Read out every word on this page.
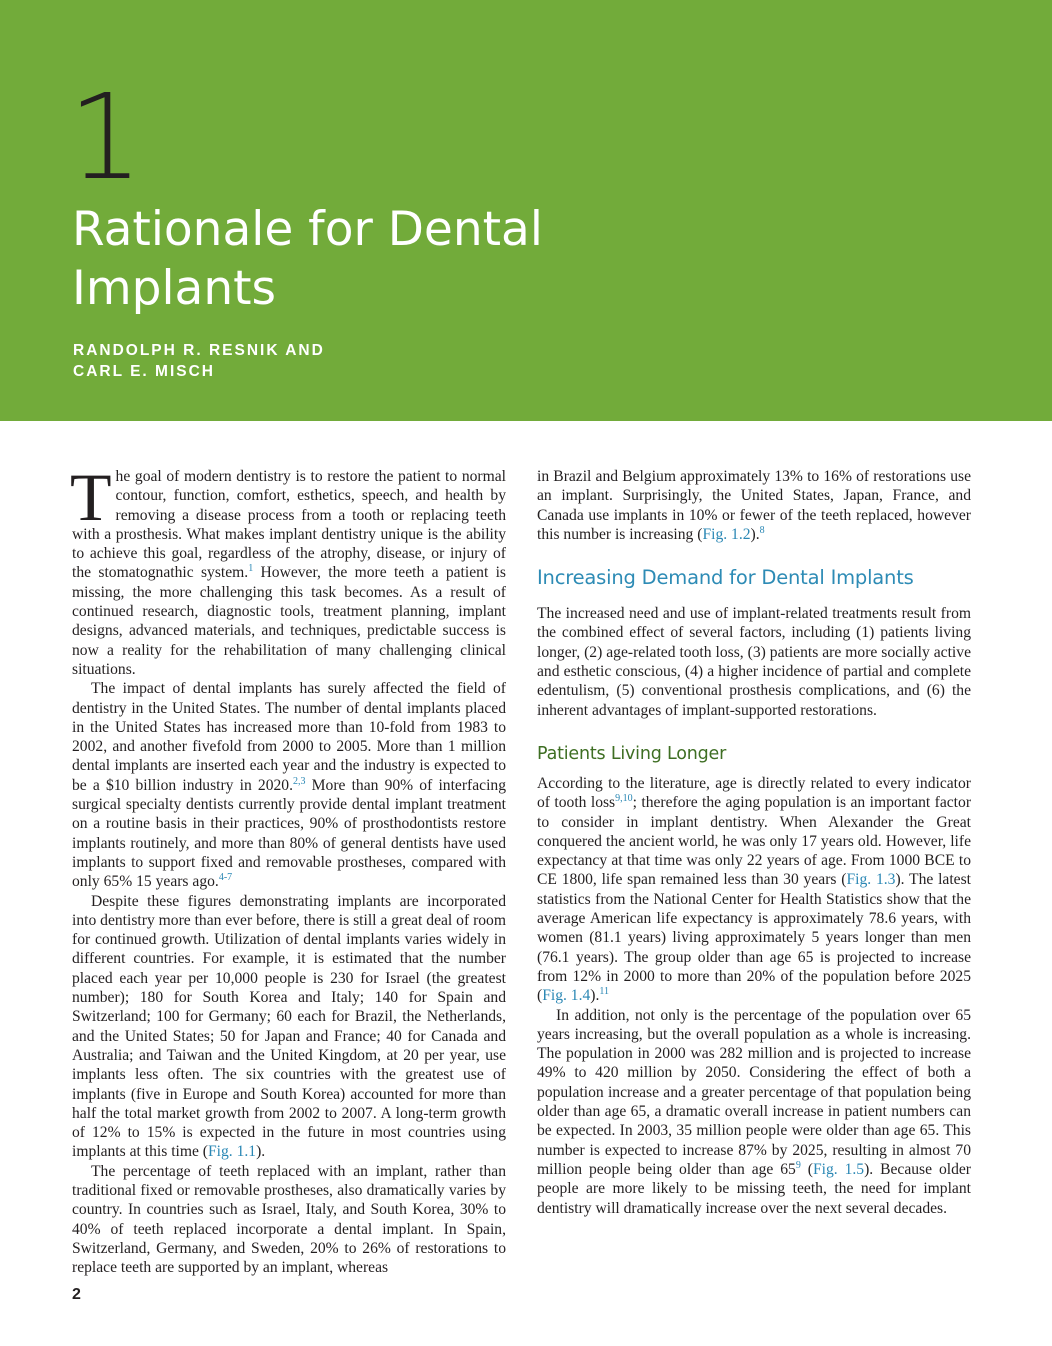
1
Rationale for Dental Implants
RANDOLPH R. RESNIK AND
CARL E. MISCH

The goal of modern dentistry is to restore the patient to normal contour, function, comfort, esthetics, speech, and health by removing a disease process from a tooth or replacing teeth with a prosthesis. What makes implant dentistry unique is the ability to achieve this goal, regardless of the atrophy, disease, or injury of the stomatognathic system.$^1$ However, the more teeth a patient is missing, the more challenging this task becomes. As a result of continued research, diagnostic tools, treatment planning, implant designs, advanced materials, and techniques, predictable success is now a reality for the rehabilitation of many challenging clinical situations.

The impact of dental implants has surely affected the field of dentistry in the United States. The number of dental implants placed in the United States has increased more than 10-fold from 1983 to 2002, and another fivefold from 2000 to 2005. More than 1 million dental implants are inserted each year and the industry is expected to be a $10 billion industry in 2020.$^{2,3}$ More than 90% of interfacing surgical specialty dentists currently provide dental implant treatment on a routine basis in their practices, 90% of prosthodontists restore implants routinely, and more than 80% of general dentists have used implants to support fixed and removable prostheses, compared with only 65% 15 years ago.$^{4-7}$

Despite these figures demonstrating implants are incorporated into dentistry more than ever before, there is still a great deal of room for continued growth. Utilization of dental implants varies widely in different countries. For example, it is estimated that the number placed each year per 10,000 people is 230 for Israel (the greatest number); 180 for South Korea and Italy; 140 for Spain and Switzerland; 100 for Germany; 60 each for Brazil, the Netherlands, and the United States; 50 for Japan and France; 40 for Canada and Australia; and Taiwan and the United Kingdom, at 20 per year, use implants less often. The six countries with the greatest use of implants (five in Europe and South Korea) accounted for more than half the total market growth from 2002 to 2007. A long-term growth of 12% to 15% is expected in the future in most countries using implants at this time (Fig. 1.1).

The percentage of teeth replaced with an implant, rather than traditional fixed or removable prostheses, also dramatically varies by country. In countries such as Israel, Italy, and South Korea, 30% to 40% of teeth replaced incorporate a dental implant. In Spain, Switzerland, Germany, and Sweden, 20% to 26% of restorations to replace teeth are supported by an implant, whereas

in Brazil and Belgium approximately 13% to 16% of restorations use an implant. Surprisingly, the United States, Japan, France, and Canada use implants in 10% or fewer of the teeth replaced, however this number is increasing (Fig. 1.2).$^8$

Increasing Demand for Dental Implants

The increased need and use of implant-related treatments result from the combined effect of several factors, including (1) patients living longer, (2) age-related tooth loss, (3) patients are more socially active and esthetic conscious, (4) a higher incidence of partial and complete edentulism, (5) conventional prosthesis complications, and (6) the inherent advantages of implant-supported restorations.

Patients Living Longer

According to the literature, age is directly related to every indicator of tooth loss$^{9,10}$; therefore the aging population is an important factor to consider in implant dentistry. When Alexander the Great conquered the ancient world, he was only 17 years old. However, life expectancy at that time was only 22 years of age. From 1000 BCE to CE 1800, life span remained less than 30 years (Fig. 1.3). The latest statistics from the National Center for Health Statistics show that the average American life expectancy is approximately 78.6 years, with women (81.1 years) living approximately 5 years longer than men (76.1 years). The group older than age 65 is projected to increase from 12% in 2000 to more than 20% of the population before 2025 (Fig. 1.4).$^{11}$

In addition, not only is the percentage of the population over 65 years increasing, but the overall population as a whole is increasing. The population in 2000 was 282 million and is projected to increase 49% to 420 million by 2050. Considering the effect of both a population increase and a greater percentage of that population being older than age 65, a dramatic overall increase in patient numbers can be expected. In 2003, 35 million people were older than age 65. This number is expected to increase 87% by 2025, resulting in almost 70 million people being older than age 65$^9$ (Fig. 1.5). Because older people are more likely to be missing teeth, the need for implant dentistry will dramatically increase over the next several decades.

2
